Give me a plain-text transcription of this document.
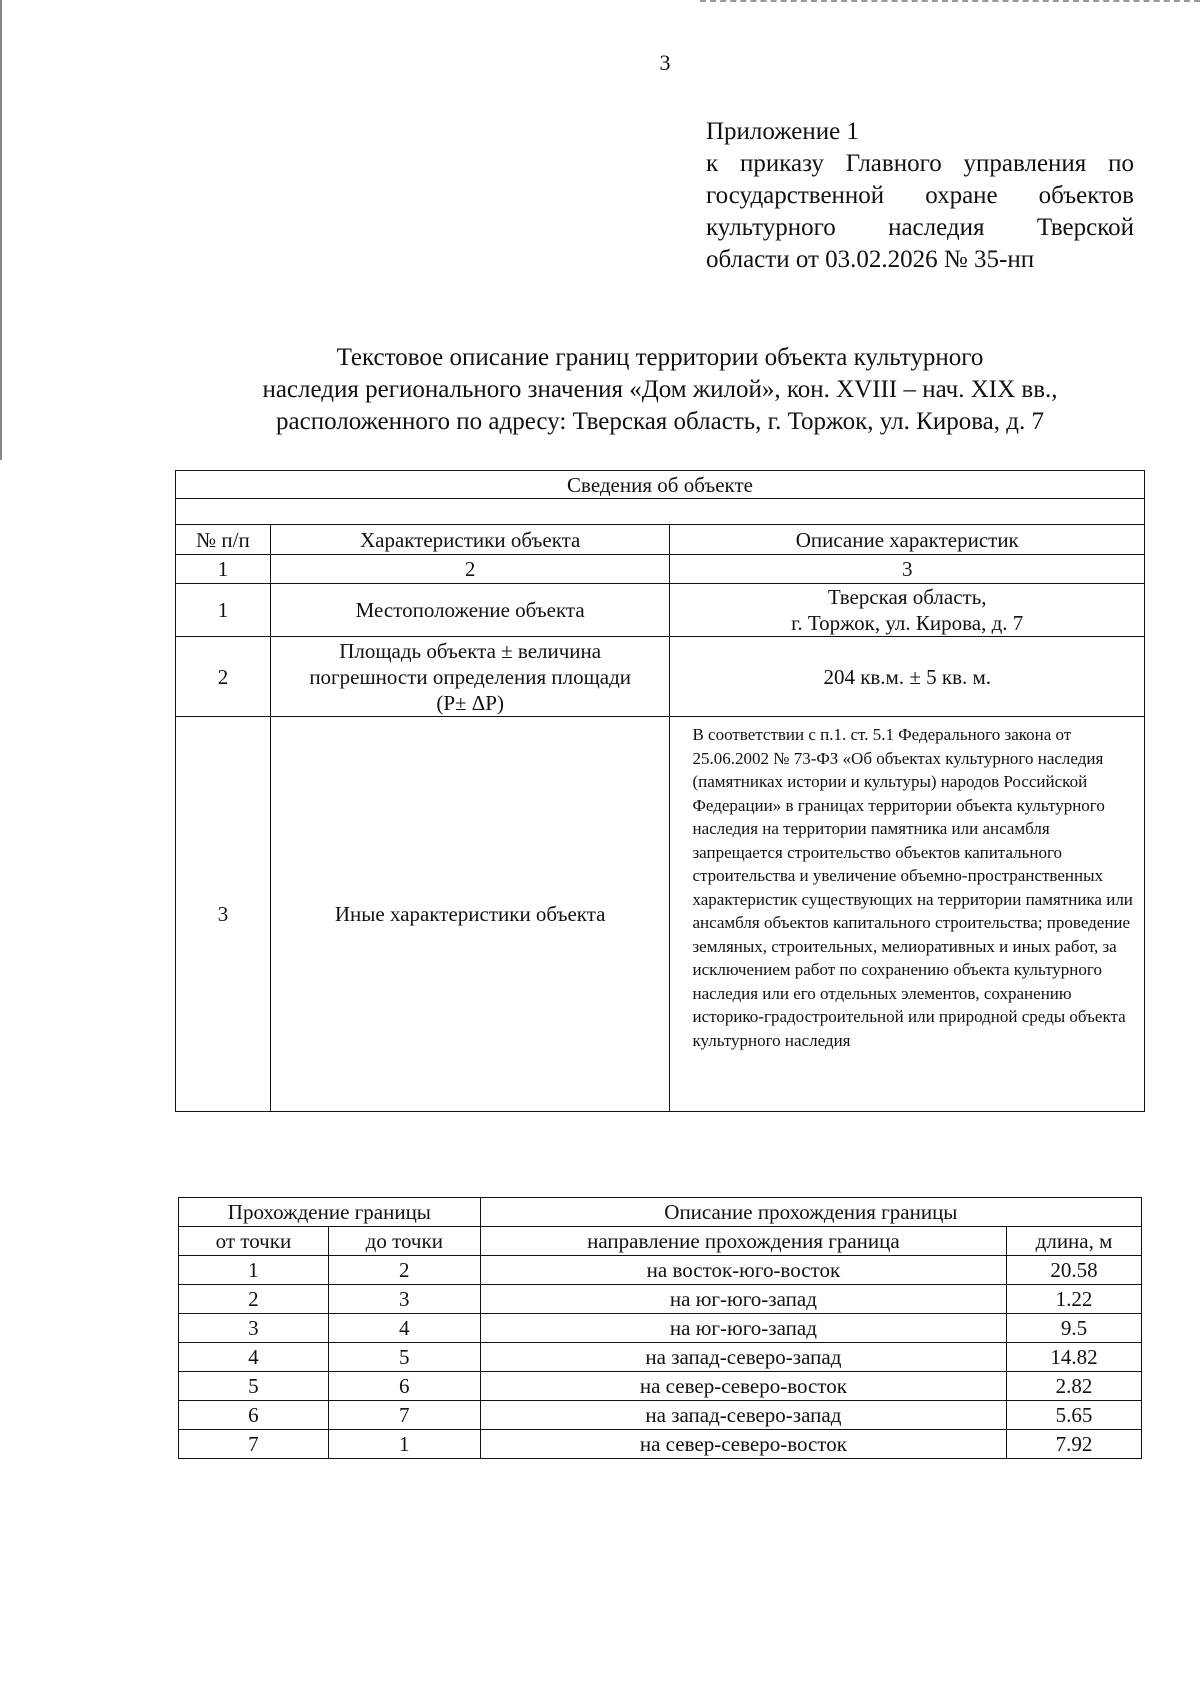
3
Приложение 1
к приказу Главного управления по
государственной охране объектов
культурного наследия Тверской
области от 03.02.2026 № 35-нп
Текстовое описание границ территории объекта культурного
наследия регионального значения «Дом жилой», кон. XVIII – нач. XIX вв.,
расположенного по адресу: Тверская область, г. Торжок, ул. Кирова, д. 7
Сведения об объекте		

№ п/п	Характеристики объекта	Описание характеристик
1	2	3
1	Местоположение объекта	Тверская область,
г. Торжок, ул. Кирова, д. 7

2	Площадь объекта ± величина
погрешности определения площади
(P± ΔP)	204 кв.м. ± 5 кв. м.
3	Иные характеристики объекта	В соответствии с п.1. ст. 5.1 Федерального закона от 25.06.2002 № 73-ФЗ «Об объектах культурного наследия (памятниках истории и культуры) народов Российской Федерации» в границах территории объекта культурного наследия на территории памятника или ансамбля запрещается строительство объектов капитального строительства и увеличение объемно-пространственных характеристик существующих на территории памятника или ансамбля объектов капитального строительства; проведение земляных, строительных, мелиоративных и иных работ, за исключением работ по сохранению объекта культурного наследия или его отдельных элементов, сохранению историко-градостроительной или природной среды объекта культурного наследия
Прохождение границы		Описание прохождения границы	
от точки	до точки	направление прохождения граница	длина, м
1	2	на восток-юго-восток	20.58
2	3	на юг-юго-запад	1.22
3	4	на юг-юго-запад	9.5
4	5	на запад-северо-запад	14.82
5	6	на север-северо-восток	2.82
6	7	на запад-северо-запад	5.65
7	1	на север-северо-восток	7.92
